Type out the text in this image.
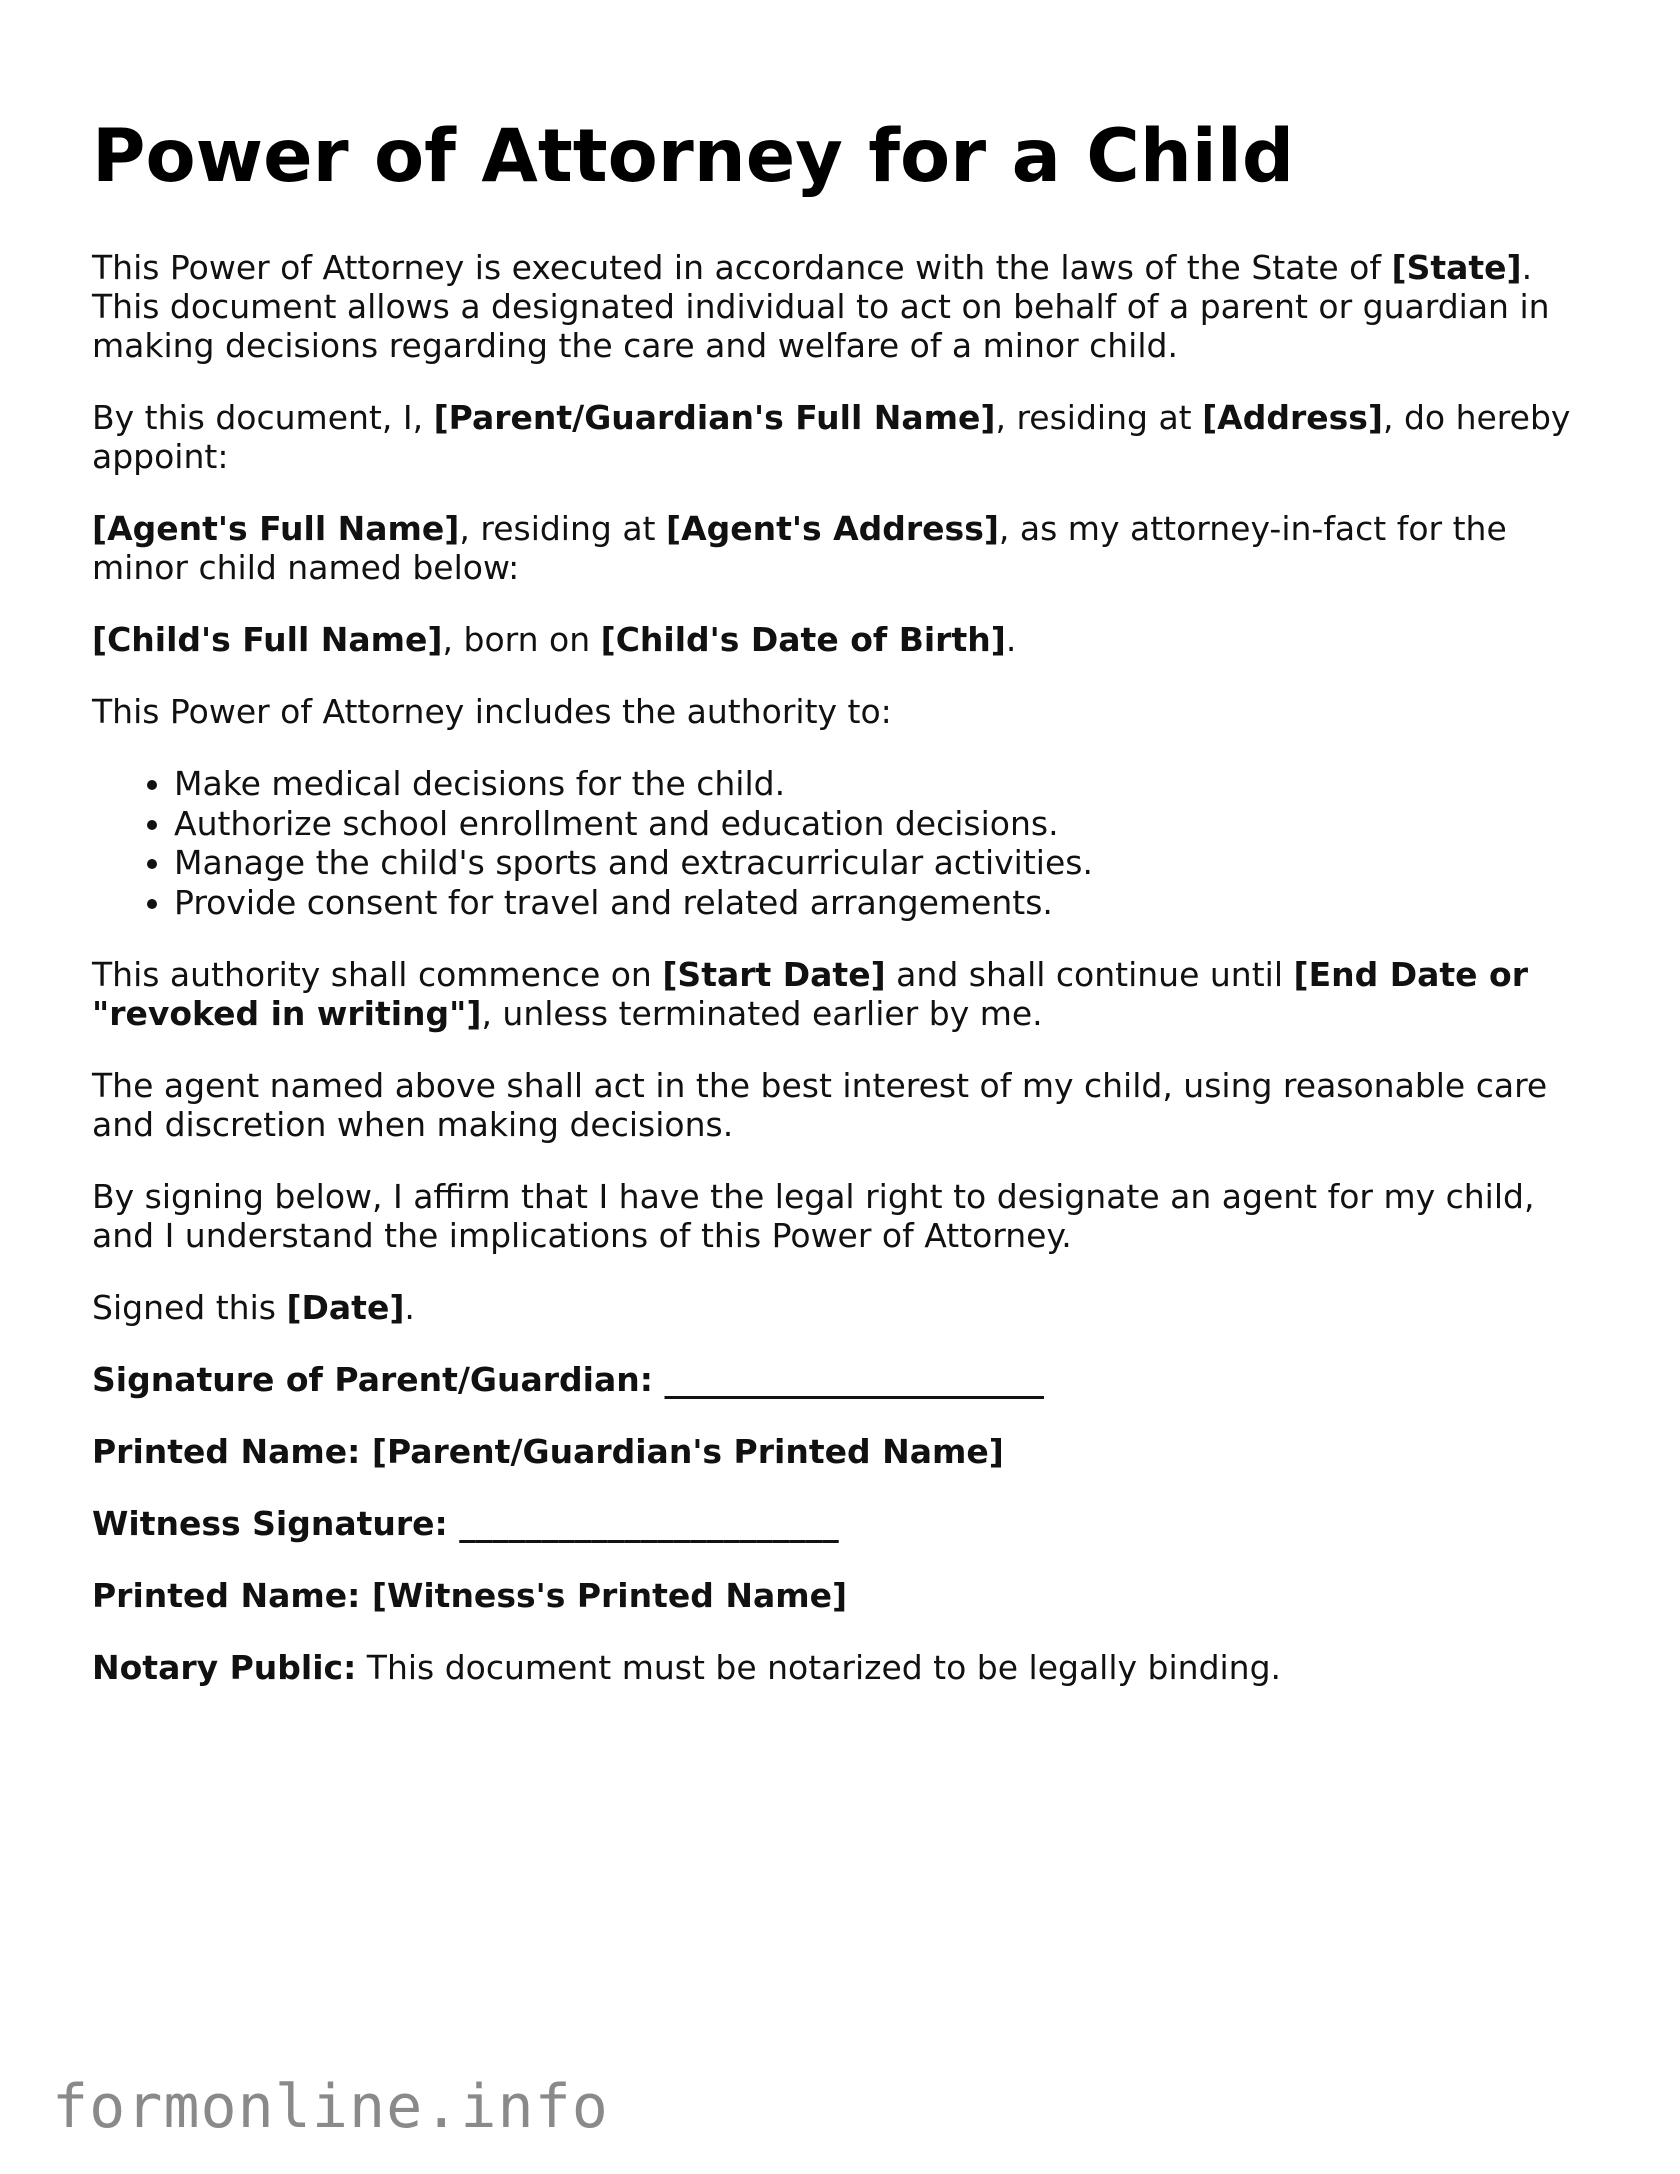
Power of Attorney for a Child

This Power of Attorney is executed in accordance with the laws of the State of [State]. This document allows a designated individual to act on behalf of a parent or guardian in making decisions regarding the care and welfare of a minor child.

By this document, I, [Parent/Guardian's Full Name], residing at [Address], do hereby appoint:

[Agent's Full Name], residing at [Agent's Address], as my attorney-in-fact for the minor child named below:

[Child's Full Name], born on [Child's Date of Birth].

This Power of Attorney includes the authority to:

• Make medical decisions for the child.
• Authorize school enrollment and education decisions.
• Manage the child's sports and extracurricular activities.
• Provide consent for travel and related arrangements.

This authority shall commence on [Start Date] and shall continue until [End Date or "revoked in writing"], unless terminated earlier by me.

The agent named above shall act in the best interest of my child, using reasonable care and discretion when making decisions.

By signing below, I affirm that I have the legal right to designate an agent for my child, and I understand the implications of this Power of Attorney.

Signed this [Date].

Signature of Parent/Guardian: _______________________

Printed Name: [Parent/Guardian's Printed Name]

Witness Signature: _______________________

Printed Name: [Witness's Printed Name]

Notary Public: This document must be notarized to be legally binding.

formonline.info
